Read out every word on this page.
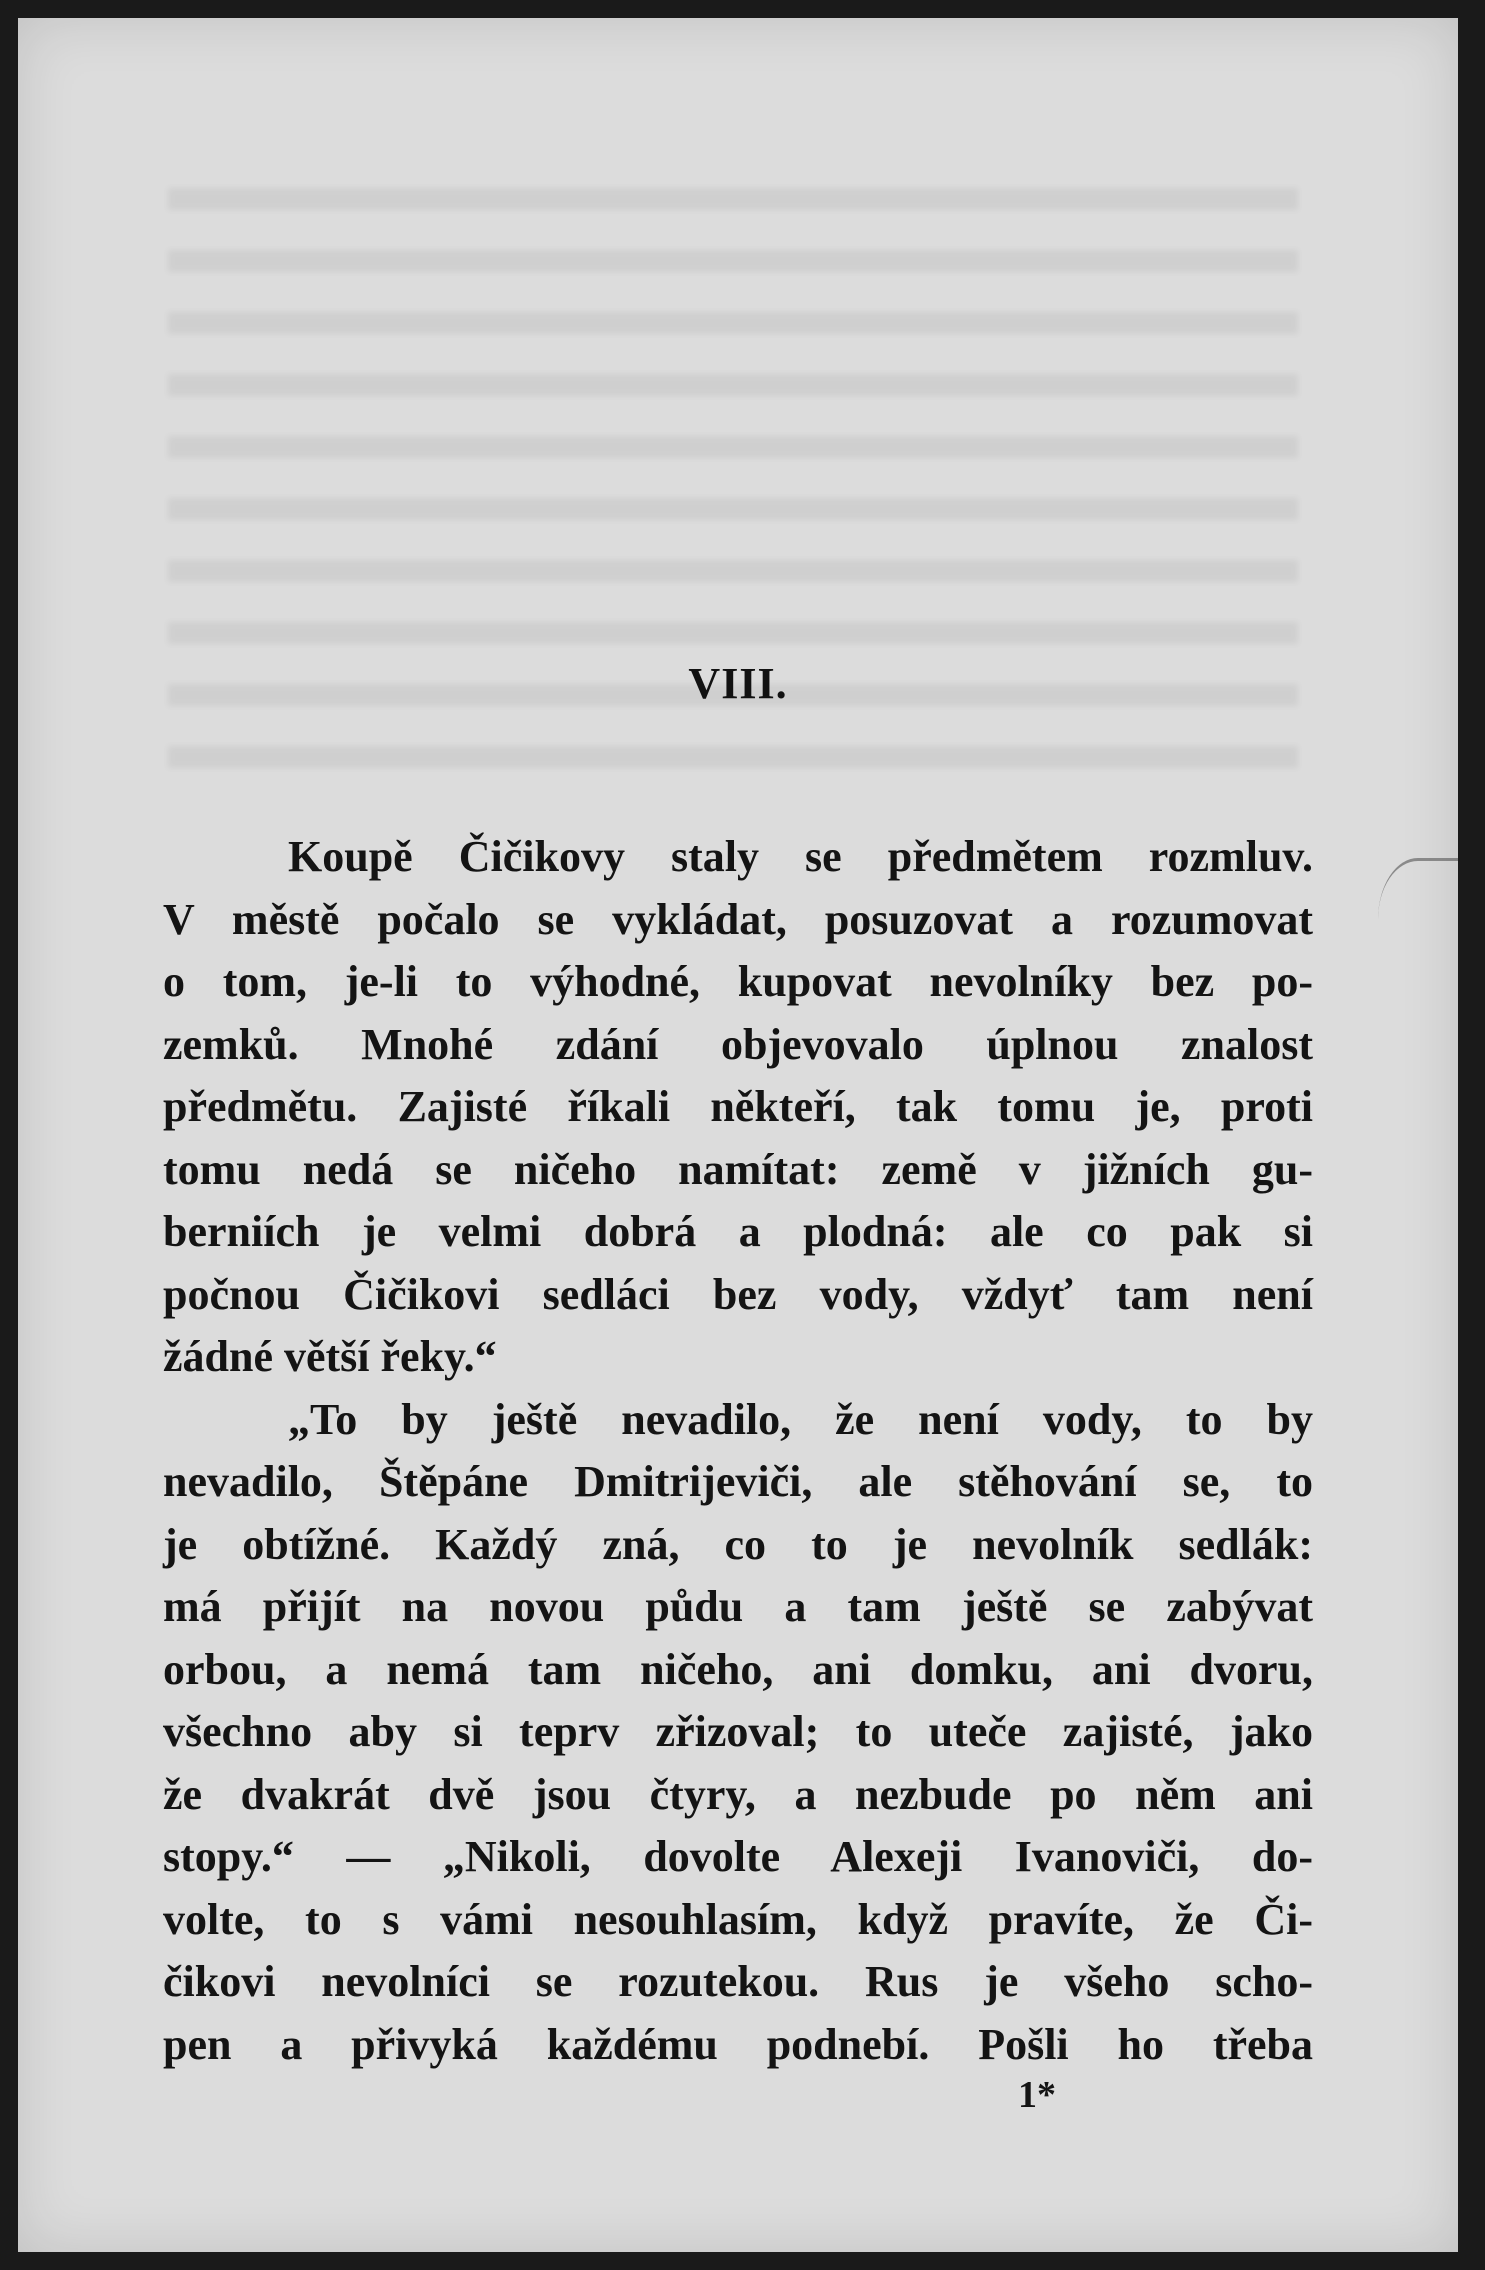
VIII.
Koupě Čičikovy staly se předmětem rozmluv.
V městě počalo se vykládat, posuzovat a rozumovat
o tom, je-li to výhodné, kupovat nevolníky bez po-
zemků. Mnohé zdání objevovalo úplnou znalost
předmětu. Zajisté říkali někteří, tak tomu je, proti
tomu nedá se ničeho namítat: země v jižních gu-
berniích je velmi dobrá a plodná: ale co pak si
počnou Čičikovi sedláci bez vody, vždyť tam není
žádné větší řeky.“
„To by ještě nevadilo, že není vody, to by
nevadilo, Štěpáne Dmitrijeviči, ale stěhování se, to
je obtížné. Každý zná, co to je nevolník sedlák:
má přijít na novou půdu a tam ještě se zabývat
orbou, a nemá tam ničeho, ani domku, ani dvoru,
všechno aby si teprv zřizoval; to uteče zajisté, jako
že dvakrát dvě jsou čtyry, a nezbude po něm ani
stopy.“ — „Nikoli, dovolte Alexeji Ivanoviči, do-
volte, to s vámi nesouhlasím, když pravíte, že Či-
čikovi nevolníci se rozutekou. Rus je všeho scho-
pen a přivyká každému podnebí. Pošli ho třeba
1*
